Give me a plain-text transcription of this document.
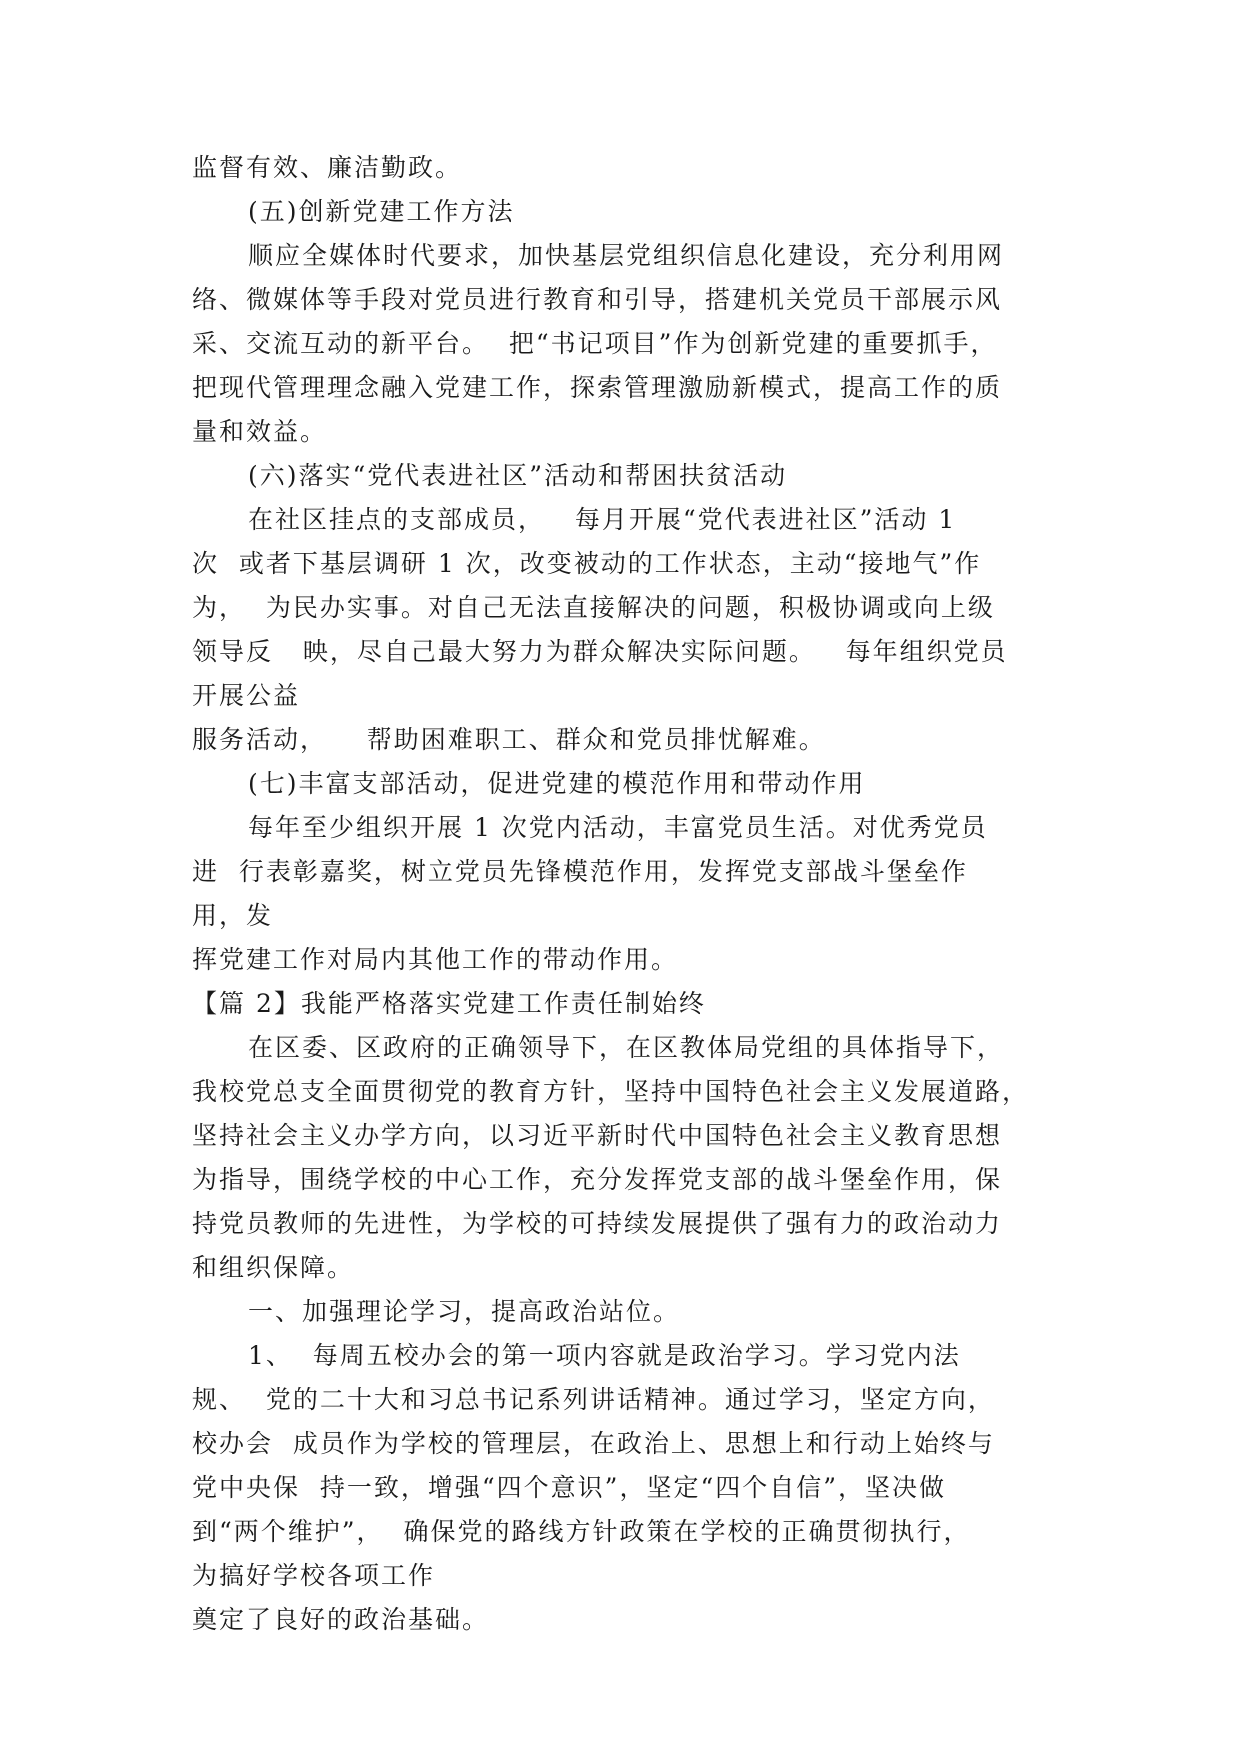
监督有效、廉洁勤政。
(五)创新党建工作方法
顺应全媒体时代要求，加快基层党组织信息化建设，充分利用网
络、微媒体等手段对党员进行教育和引导，搭建机关党员干部展示风
采、交流互动的新平台。  把“书记项目”作为创新党建的重要抓手，
把现代管理理念融入党建工作，探索管理激励新模式，提高工作的质
量和效益。
(六)落实“党代表进社区”活动和帮困扶贫活动
在社区挂点的支部成员，   每月开展“党代表进社区”活动 1
次  或者下基层调研 1 次，改变被动的工作状态，主动“接地气”作
为，  为民办实事。对自己无法直接解决的问题，积极协调或向上级
领导反   映，尽自己最大努力为群众解决实际问题。   每年组织党员
开展公益
服务活动，    帮助困难职工、群众和党员排忧解难。
(七)丰富支部活动，促进党建的模范作用和带动作用
每年至少组织开展 1 次党内活动，丰富党员生活。对优秀党员
进  行表彰嘉奖，树立党员先锋模范作用，发挥党支部战斗堡垒作
用，发
挥党建工作对局内其他工作的带动作用。
【篇 2】我能严格落实党建工作责任制始终
在区委、区政府的正确领导下，在区教体局党组的具体指导下，
我校党总支全面贯彻党的教育方针，坚持中国特色社会主义发展道路，
坚持社会主义办学方向，以习近平新时代中国特色社会主义教育思想
为指导，围绕学校的中心工作，充分发挥党支部的战斗堡垒作用，保
持党员教师的先进性，为学校的可持续发展提供了强有力的政治动力
和组织保障。
一、加强理论学习，提高政治站位。
1、  每周五校办会的第一项内容就是政治学习。学习党内法
规、  党的二十大和习总书记系列讲话精神。通过学习，坚定方向，
校办会  成员作为学校的管理层，在政治上、思想上和行动上始终与
党中央保  持一致，增强“四个意识”，坚定“四个自信”，坚决做
到“两个维护”，  确保党的路线方针政策在学校的正确贯彻执行，
为搞好学校各项工作
奠定了良好的政治基础。
